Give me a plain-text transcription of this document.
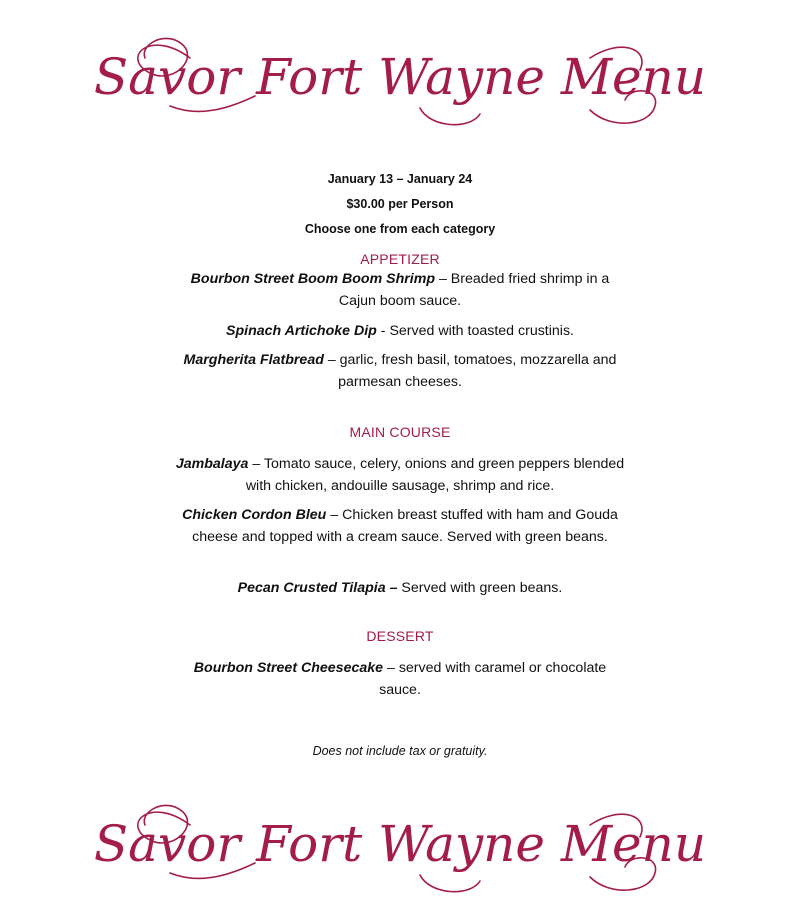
Savor Fort Wayne Menu
January 13 – January 24
$30.00 per Person
Choose one from each category
APPETIZER
Bourbon Street Boom Boom Shrimp – Breaded fried shrimp in a Cajun boom sauce.
Spinach Artichoke Dip - Served with toasted crustinis.
Margherita Flatbread – garlic, fresh basil, tomatoes, mozzarella and parmesan cheeses.
MAIN COURSE
Jambalaya – Tomato sauce, celery, onions and green peppers blended with chicken, andouille sausage, shrimp and rice.
Chicken Cordon Bleu – Chicken breast stuffed with ham and Gouda cheese and topped with a cream sauce. Served with green beans.
Pecan Crusted Tilapia – Served with green beans.
DESSERT
Bourbon Street Cheesecake – served with caramel or chocolate sauce.
Does not include tax or gratuity.
Savor Fort Wayne Menu
